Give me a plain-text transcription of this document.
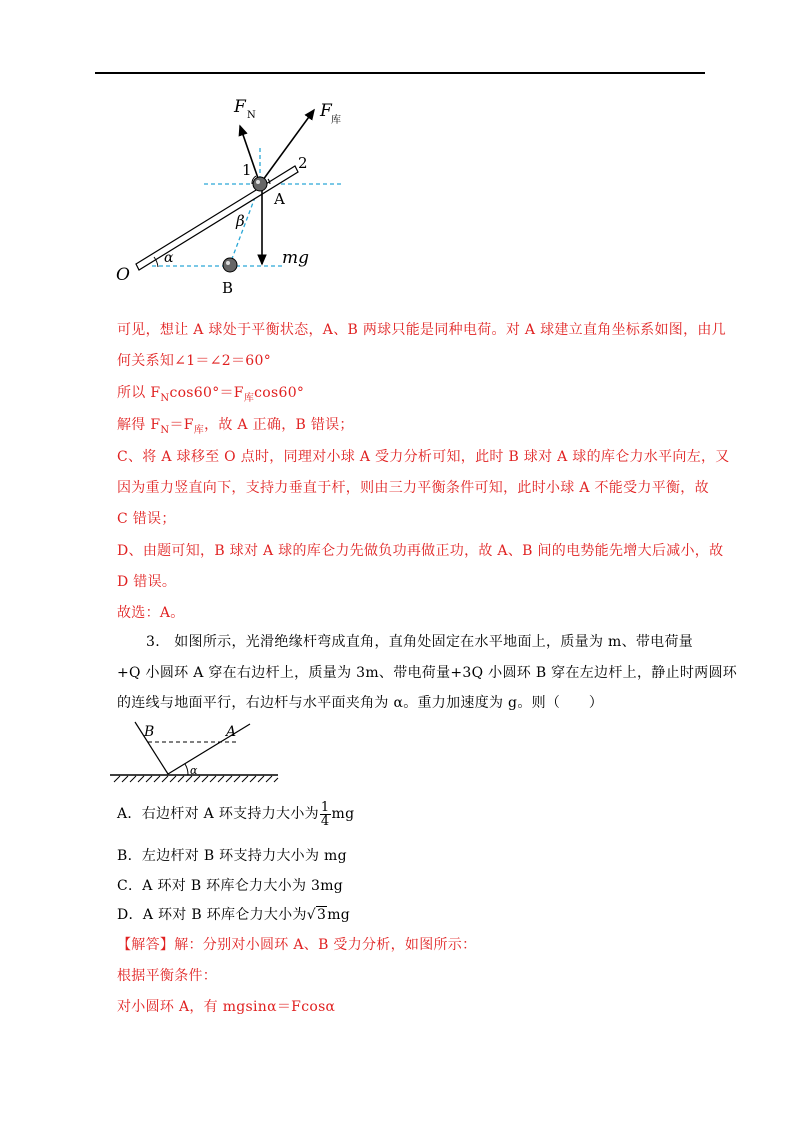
F N	F 库
1	2
A
β
α
O
mg
B
可见，想让 A 球处于平衡状态，A、B 两球只能是同种电荷。对 A 球建立直角坐标系如图，由几
何关系知∠1＝∠2＝60°
所以 $F_N\cos 60^\circ=F_库\cos 60^\circ$
解得 $F_N=F_库$，故 A 正确，B 错误；
C、将 A 球移至 O 点时，同理对小球 A 受力分析可知，此时 B 球对 A 球的库仑力水平向左，又
因为重力竖直向下，支持力垂直于杆，则由三力平衡条件可知，此时小球 A 不能受力平衡，故
C 错误；
D、由题可知，B 球对 A 球的库仑力先做负功再做正功，故 A、B 间的电势能先增大后减小，故
D 错误。
故选：A。
3.　如图所示，光滑绝缘杆弯成直角，直角处固定在水平地面上，质量为 m、带电荷量
+Q 小圆环 A 穿在右边杆上，质量为 3m、带电荷量+3Q 小圆环 B 穿在左边杆上，静止时两圆环
的连线与地面平行，右边杆与水平面夹角为 α。重力加速度为 g。则（　　）
B	A
α
A．右边杆对 A 环支持力大小为 $\frac{1}{4}$ mg
B．左边杆对 B 环支持力大小为 mg
C．A 环对 B 环库仑力大小为 3mg
D．A 环对 B 环库仑力大小为√3mg
【解答】解：分别对小圆环 A、B 受力分析，如图所示：
根据平衡条件：
对小圆环 A，有 mgsinα＝Fcosα
